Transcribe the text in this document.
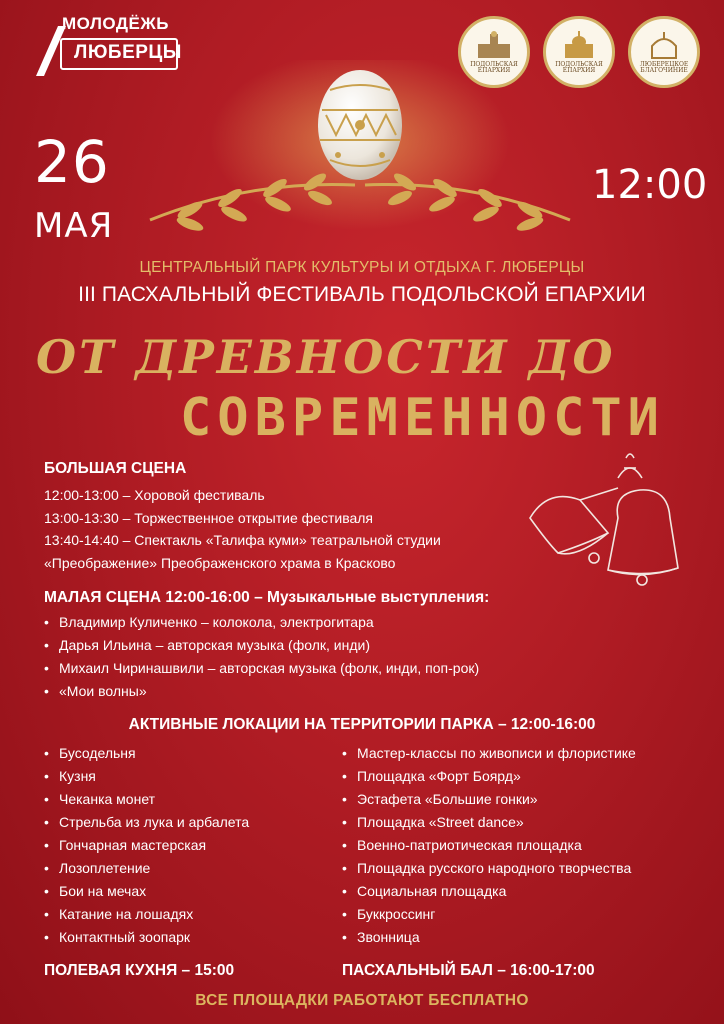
МОЛОДЁЖЬ
ЛЮБЕРЦЫ
ПОДОЛЬСКАЯ ЕПАРХИЯ
ПОДОЛЬСКАЯ ЕПАРХИЯ
ЛЮБЕРЕЦКОЕ БЛАГОЧИНИЕ
26
МАЯ
12:00
ЦЕНТРАЛЬНЫЙ ПАРК КУЛЬТУРЫ И ОТДЫХА Г. ЛЮБЕРЦЫ
III ПАСХАЛЬНЫЙ ФЕСТИВАЛЬ ПОДОЛЬСКОЙ ЕПАРХИИ
ОТ ДРЕВНОСТИ ДО
СОВРЕМЕННОСТИ
БОЛЬШАЯ СЦЕНА
12:00-13:00 – Хоровой фестиваль
13:00-13:30 – Торжественное открытие фестиваля
13:40-14:40 – Спектакль «Талифа куми» театральной студии
«Преображение» Преображенского храма в Красково
МАЛАЯ СЦЕНА 12:00-16:00 – Музыкальные выступления:
• Владимир Куличенко – колокола, электрогитара
• Дарья Ильина – авторская музыка (фолк, инди)
• Михаил Чиринашвили – авторская музыка (фолк, инди, поп-рок)
• «Мои волны»
АКТИВНЫЕ ЛОКАЦИИ НА ТЕРРИТОРИИ ПАРКА – 12:00-16:00
• Бусодельня
• Кузня
• Чеканка монет
• Стрельба из лука и арбалета
• Гончарная мастерская
• Лозоплетение
• Бои на мечах
• Катание на лошадях
• Контактный зоопарк
• Мастер-классы по живописи и флористике
• Площадка «Форт Боярд»
• Эстафета «Большие гонки»
• Площадка «Street dance»
• Военно-патриотическая площадка
• Площадка русского народного творчества
• Социальная площадка
• Буккроссинг
• Звонница
ПОЛЕВАЯ КУХНЯ – 15:00	ПАСХАЛЬНЫЙ БАЛ – 16:00-17:00
ВСЕ ПЛОЩАДКИ РАБОТАЮТ БЕСПЛАТНО
